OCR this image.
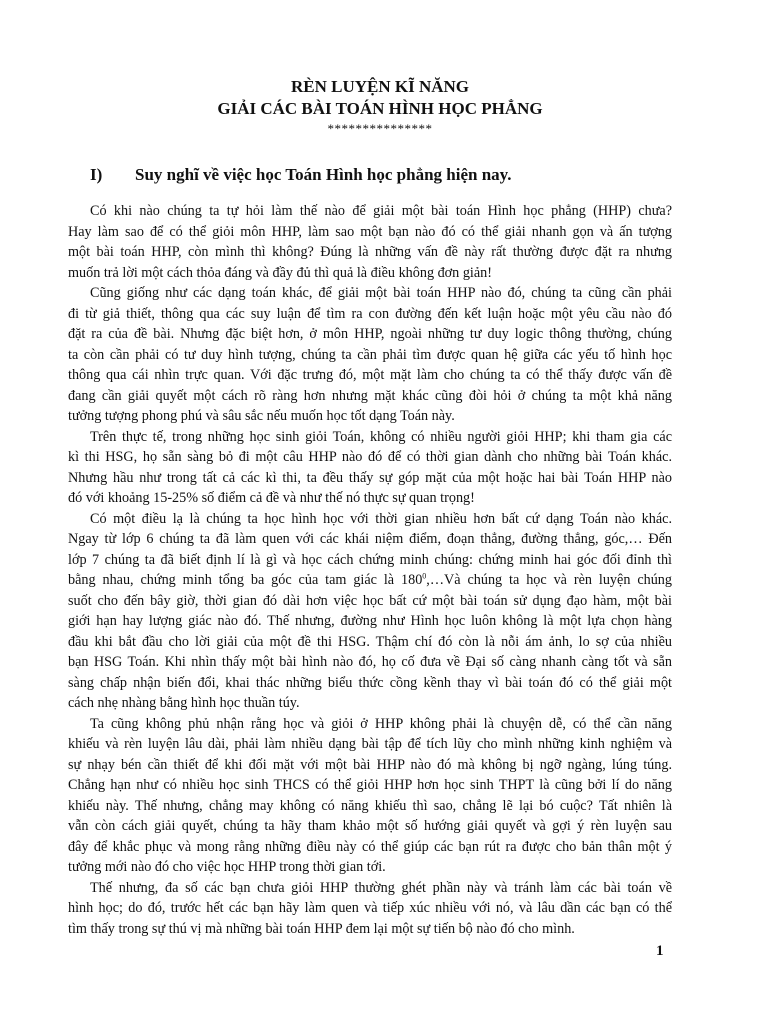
RÈN LUYỆN KĨ NĂNG
GIẢI CÁC BÀI TOÁN HÌNH HỌC PHẲNG
***************
I) Suy nghĩ về việc học Toán Hình học phẳng hiện nay.
Có khi nào chúng ta tự hỏi làm thế nào để giải một bài toán Hình học phẳng (HHP) chưa?
Hay làm sao để có thể giỏi môn HHP, làm sao một bạn nào đó có thể giải nhanh gọn và ấn tượng
một bài toán HHP, còn mình thì không? Đúng là những vấn đề này rất thường được đặt ra nhưng
muốn trả lời một cách thỏa đáng và đầy đủ thì quả là điều không đơn giản!
Cũng giống như các dạng toán khác, để giải một bài toán HHP nào đó, chúng ta cũng cần phải
đi từ giả thiết, thông qua các suy luận để tìm ra con đường đến kết luận hoặc một yêu cầu nào đó
đặt ra của đề bài. Nhưng đặc biệt hơn, ở môn HHP, ngoài những tư duy logic thông thường, chúng
ta còn cần phải có tư duy hình tượng, chúng ta cần phải tìm được quan hệ giữa các yếu tố hình học
thông qua cái nhìn trực quan. Với đặc trưng đó, một mặt làm cho chúng ta có thể thấy được vấn đề
đang cần giải quyết một cách rõ ràng hơn nhưng mặt khác cũng đòi hỏi ở chúng ta một khả năng
tưởng tượng phong phú và sâu sắc nếu muốn học tốt dạng Toán này.
Trên thực tế, trong những học sinh giỏi Toán, không có nhiều người giỏi HHP; khi tham gia các
kì thi HSG, họ sẵn sàng bỏ đi một câu HHP nào đó để có thời gian dành cho những bài Toán khác.
Nhưng hầu như trong tất cả các kì thi, ta đều thấy sự góp mặt của một hoặc hai bài Toán HHP nào
đó với khoảng 15-25% số điểm cả đề và như thế nó thực sự quan trọng!
Có một điều lạ là chúng ta học hình học với thời gian nhiều hơn bất cứ dạng Toán nào khác.
Ngay từ lớp 6 chúng ta đã làm quen với các khái niệm điểm, đoạn thẳng, đường thẳng, góc,… Đến
lớp 7 chúng ta đã biết định lí là gì và học cách chứng minh chúng: chứng minh hai góc đối đỉnh thì
bằng nhau, chứng minh tổng ba góc của tam giác là $180^0,\dots Và$ chúng ta học và rèn luyện chúng
suốt cho đến bây giờ, thời gian đó dài hơn việc học bất cứ một bài toán sử dụng đạo hàm, một bài
giới hạn hay lượng giác nào đó. Thế nhưng, đường như Hình học luôn không là một lựa chọn hàng
đầu khi bắt đầu cho lời giải của một đề thi HSG. Thậm chí đó còn là nỗi ám ảnh, lo sợ của nhiều
bạn HSG Toán. Khi nhìn thấy một bài hình nào đó, họ cố đưa về Đại số càng nhanh càng tốt và sẵn
sàng chấp nhận biến đổi, khai thác những biểu thức cồng kềnh thay vì bài toán đó có thể giải một
cách nhẹ nhàng bằng hình học thuần túy.
Ta cũng không phủ nhận rằng học và giỏi ở HHP không phải là chuyện dễ, có thể cần năng
khiếu và rèn luyện lâu dài, phải làm nhiều dạng bài tập để tích lũy cho mình những kinh nghiệm và
sự nhạy bén cần thiết để khi đối mặt với một bài HHP nào đó mà không bị ngỡ ngàng, lúng túng.
Chẳng hạn như có nhiều học sinh THCS có thể giỏi HHP hơn học sinh THPT là cũng bởi lí do năng
khiếu này. Thế nhưng, chẳng may không có năng khiếu thì sao, chẳng lẽ lại bó cuộc? Tất nhiên là
vẫn còn cách giải quyết, chúng ta hãy tham khảo một số hướng giải quyết và gợi ý rèn luyện sau
đây để khắc phục và mong rằng những điều này có thể giúp các bạn rút ra được cho bản thân một ý
tưởng mới nào đó cho việc học HHP trong thời gian tới.
Thế nhưng, đa số các bạn chưa giỏi HHP thường ghét phần này và tránh làm các bài toán về
hình học; do đó, trước hết các bạn hãy làm quen và tiếp xúc nhiều với nó, và lâu dần các bạn có thể
tìm thấy trong sự thú vị mà những bài toán HHP đem lại một sự tiến bộ nào đó cho mình.
1
